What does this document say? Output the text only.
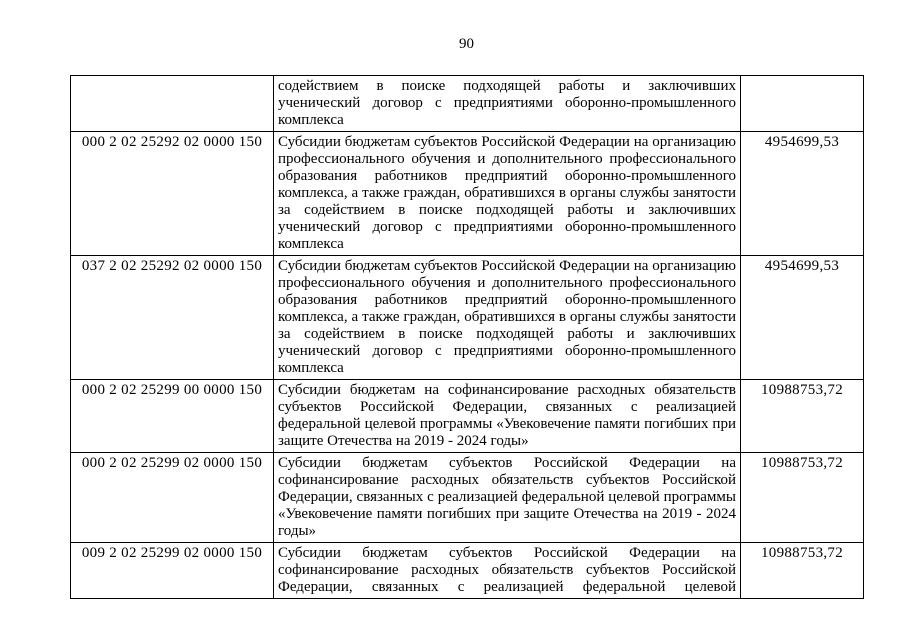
90
	содействием в поиске подходящей работы и заключивших ученический договор с предприятиями оборонно-промышленного комплекса	
000 2 02 25292 02 0000 150	Субсидии бюджетам субъектов Российской Федерации на организацию профессионального обучения и дополнительного профессионального образования работников предприятий оборонно-промышленного комплекса, а также граждан, обратившихся в органы службы занятости за содействием в поиске подходящей работы и заключивших ученический договор с предприятиями оборонно-промышленного комплекса	4954699,53
037 2 02 25292 02 0000 150	Субсидии бюджетам субъектов Российской Федерации на организацию профессионального обучения и дополнительного профессионального образования работников предприятий оборонно-промышленного комплекса, а также граждан, обратившихся в органы службы занятости за содействием в поиске подходящей работы и заключивших ученический договор с предприятиями оборонно-промышленного комплекса	4954699,53
000 2 02 25299 00 0000 150	Субсидии бюджетам на софинансирование расходных обязательств субъектов Российской Федерации, связанных с реализацией федеральной целевой программы «Увековечение памяти погибших при защите Отечества на 2019 - 2024 годы»	10988753,72
000 2 02 25299 02 0000 150	Субсидии бюджетам субъектов Российской Федерации на софинансирование расходных обязательств субъектов Российской Федерации, связанных с реализацией федеральной целевой программы «Увековечение памяти погибших при защите Отечества на 2019 - 2024 годы»	10988753,72
009 2 02 25299 02 0000 150	Субсидии бюджетам субъектов Российской Федерации на софинансирование расходных обязательств субъектов Российской Федерации, связанных с реализацией федеральной целевой	10988753,72
